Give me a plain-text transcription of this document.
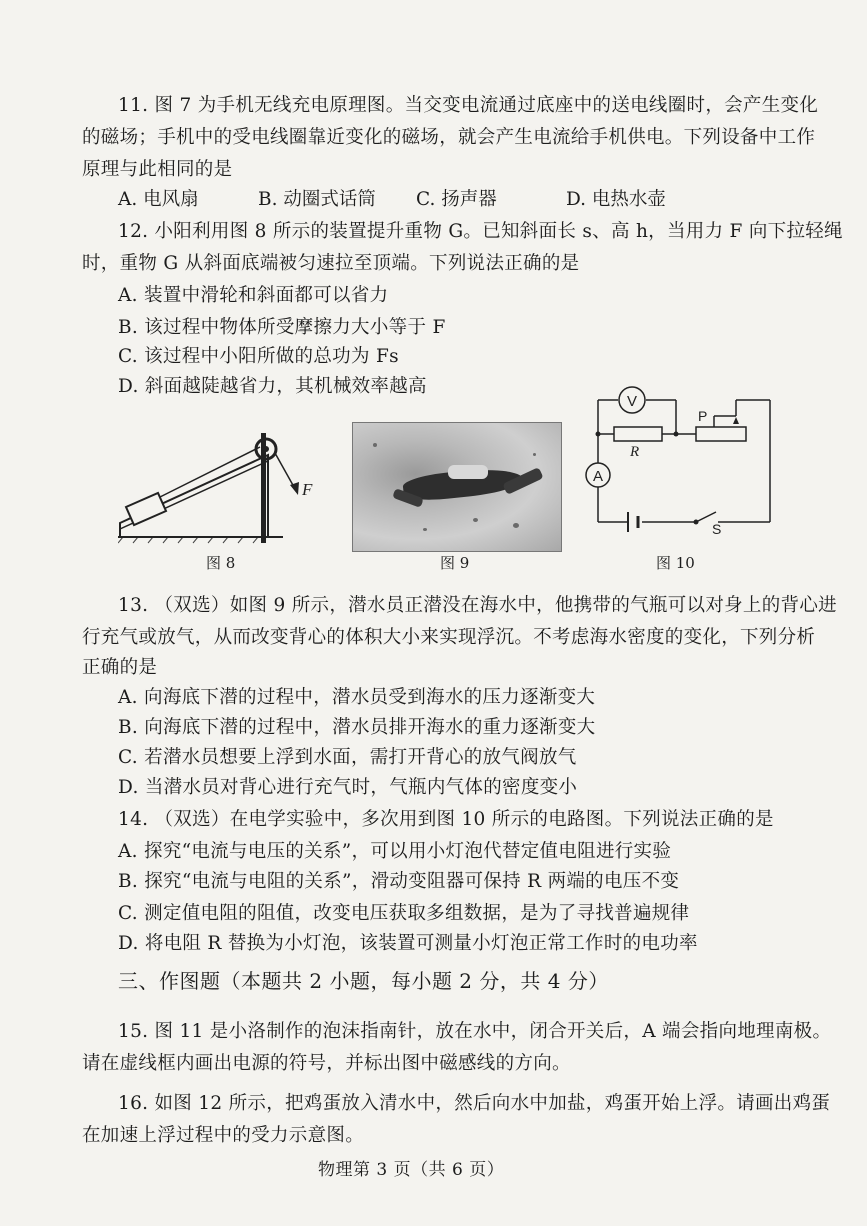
11. 图 7 为手机无线充电原理图。当交变电流通过底座中的送电线圈时，会产生变化
的磁场；手机中的受电线圈靠近变化的磁场，就会产生电流给手机供电。下列设备中工作
原理与此相同的是
A. 电风扇	B. 动圈式话筒 C. 扬声器	D. 电热水壶
12. 小阳利用图 8 所示的装置提升重物 G。已知斜面长 s、高 h，当用力 F 向下拉轻绳
时，重物 G 从斜面底端被匀速拉至顶端。下列说法正确的是
A. 装置中滑轮和斜面都可以省力
B. 该过程中物体所受摩擦力大小等于 F
C. 该过程中小阳所做的总功为 Fs
D. 斜面越陡越省力，其机械效率越高
F
图 8	图 9
V
A
R
P
S
图 10
13. （双选）如图 9 所示，潜水员正潜没在海水中，他携带的气瓶可以对身上的背心进
行充气或放气，从而改变背心的体积大小来实现浮沉。不考虑海水密度的变化，下列分析
正确的是
A. 向海底下潜的过程中，潜水员受到海水的压力逐渐变大
B. 向海底下潜的过程中，潜水员排开海水的重力逐渐变大
C. 若潜水员想要上浮到水面，需打开背心的放气阀放气
D. 当潜水员对背心进行充气时，气瓶内气体的密度变小
14. （双选）在电学实验中，多次用到图 10 所示的电路图。下列说法正确的是
A. 探究“电流与电压的关系”，可以用小灯泡代替定值电阻进行实验
B. 探究“电流与电阻的关系”，滑动变阻器可保持 R 两端的电压不变
C. 测定值电阻的阻值，改变电压获取多组数据，是为了寻找普遍规律
D. 将电阻 R 替换为小灯泡，该装置可测量小灯泡正常工作时的电功率
三、作图题（本题共 2 小题，每小题 2 分，共 4 分）
15. 图 11 是小洛制作的泡沫指南针，放在水中，闭合开关后，A 端会指向地理南极。
请在虚线框内画出电源的符号，并标出图中磁感线的方向。
16. 如图 12 所示，把鸡蛋放入清水中，然后向水中加盐，鸡蛋开始上浮。请画出鸡蛋
在加速上浮过程中的受力示意图。
物理第 3 页（共 6 页）
